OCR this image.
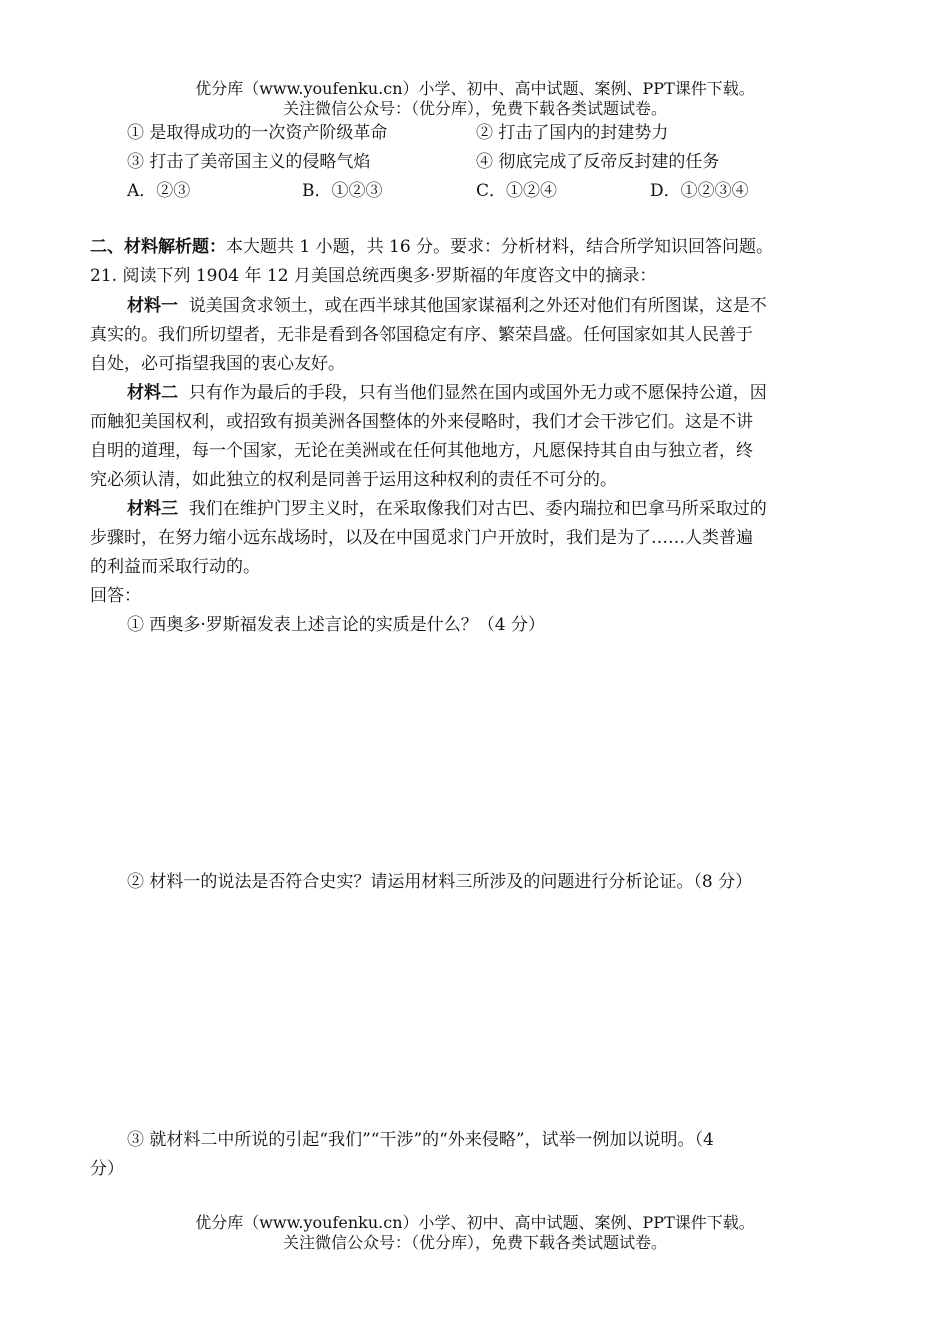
优分库（www.youfenku.cn）小学、初中、高中试题、案例、PPT课件下载。
关注微信公众号：（优分库），免费下载各类试题试卷。
① 是取得成功的一次资产阶级革命	② 打击了国内的封建势力
③ 打击了美帝国主义的侵略气焰	④ 彻底完成了反帝反封建的任务
A．②③	B．①②③	C．①②④	D．①②③④
二、材料解析题：本大题共 1 小题，共 16 分。要求：分析材料，结合所学知识回答问题。
21. 阅读下列 1904 年 12 月美国总统西奥多·罗斯福的年度咨文中的摘录：
材料一 说美国贪求领土，或在西半球其他国家谋福利之外还对他们有所图谋，这是不
真实的。我们所切望者，无非是看到各邻国稳定有序、繁荣昌盛。任何国家如其人民善于
自处，必可指望我国的衷心友好。
材料二 只有作为最后的手段，只有当他们显然在国内或国外无力或不愿保持公道，因
而触犯美国权利，或招致有损美洲各国整体的外来侵略时，我们才会干涉它们。这是不讲
自明的道理，每一个国家，无论在美洲或在任何其他地方，凡愿保持其自由与独立者，终
究必须认清，如此独立的权利是同善于运用这种权利的责任不可分的。
材料三 我们在维护门罗主义时，在采取像我们对古巴、委内瑞拉和巴拿马所采取过的
步骤时，在努力缩小远东战场时，以及在中国觅求门户开放时，我们是为了……人类普遍
的利益而采取行动的。
回答：
① 西奥多·罗斯福发表上述言论的实质是什么？（4 分）
② 材料一的说法是否符合史实？请运用材料三所涉及的问题进行分析论证。（8 分）
③ 就材料二中所说的引起“我们”“干涉”的“外来侵略”，试举一例加以说明。（4
分）
优分库（www.youfenku.cn）小学、初中、高中试题、案例、PPT课件下载。
关注微信公众号：（优分库），免费下载各类试题试卷。
